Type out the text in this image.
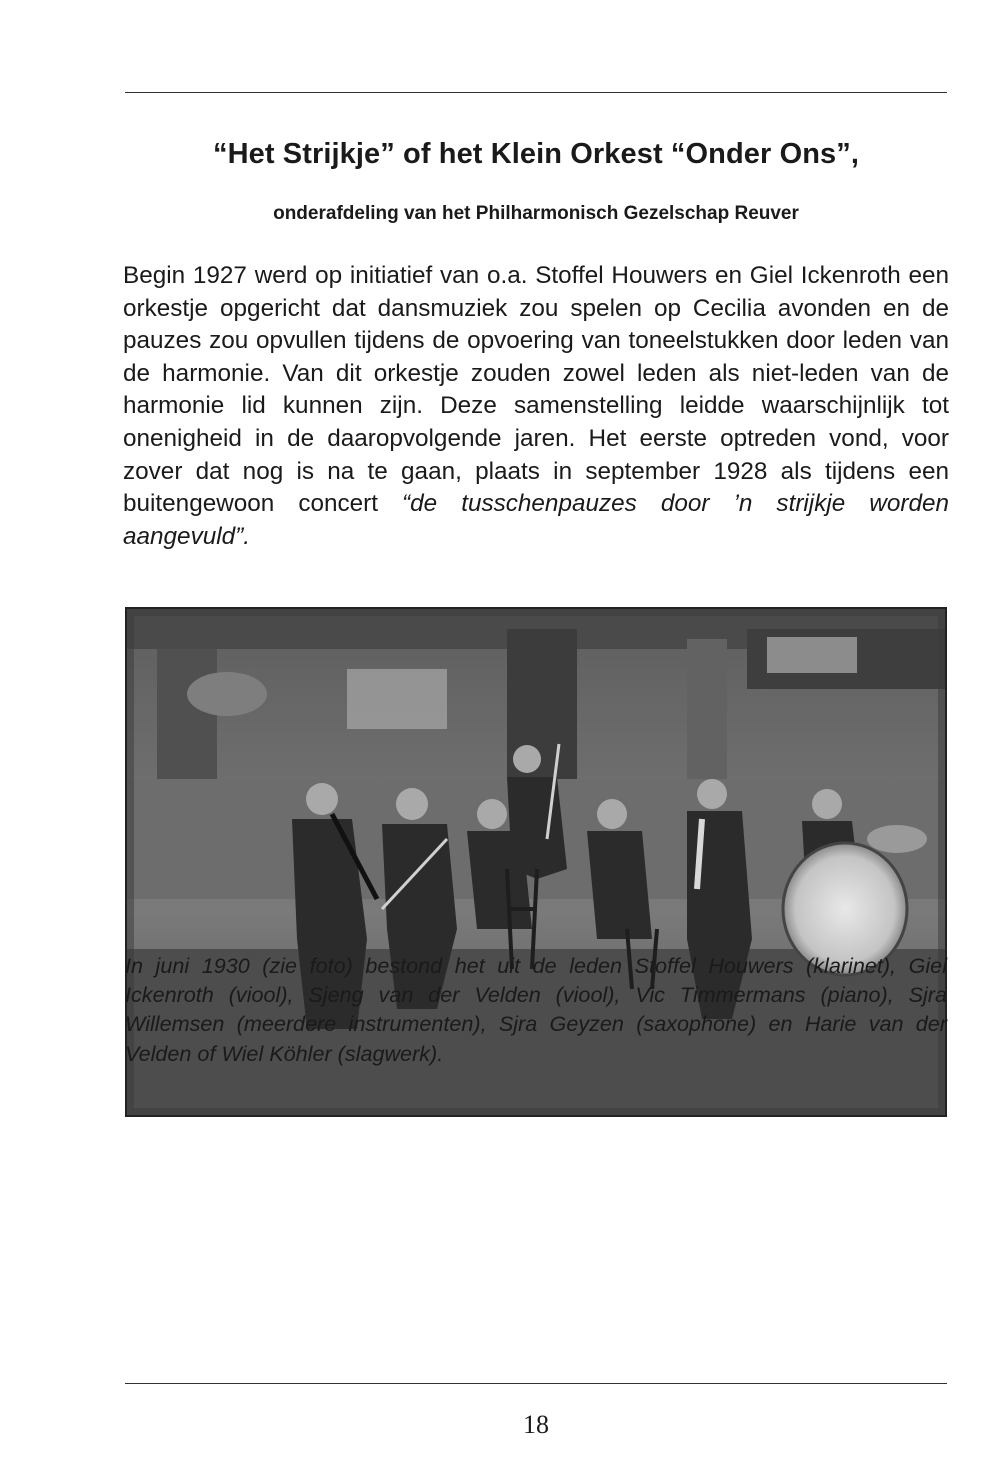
“Het Strijkje” of het Klein Orkest “Onder Ons”,
onderafdeling van het Philharmonisch Gezelschap Reuver

Begin 1927 werd op initiatief van o.a. Stoffel Houwers en Giel Ickenroth een orkestje opgericht dat dansmuziek zou spelen op Cecilia avonden en de pauzes zou opvullen tijdens de opvoering van toneelstukken door leden van de harmonie. Van dit orkestje zouden zowel leden als niet-leden van de harmonie lid kunnen zijn. Deze samenstelling leidde waarschijnlijk tot onenigheid in de daaropvolgende jaren. Het eerste optreden vond, voor zover dat nog is na te gaan, plaats in september 1928 als tijdens een buitengewoon concert “de tusschenpauzes door ’n strijkje worden aangevuld”.

In juni 1930 (zie foto) bestond het uit de leden Stoffel Houwers (klarinet), Giel Ickenroth (viool), Sjeng van der Velden (viool), Vic Timmermans (piano), Sjra Willemsen (meerdere instrumenten), Sjra Geyzen (saxophone) en Harie van der Velden of Wiel Köhler (slagwerk).

18
